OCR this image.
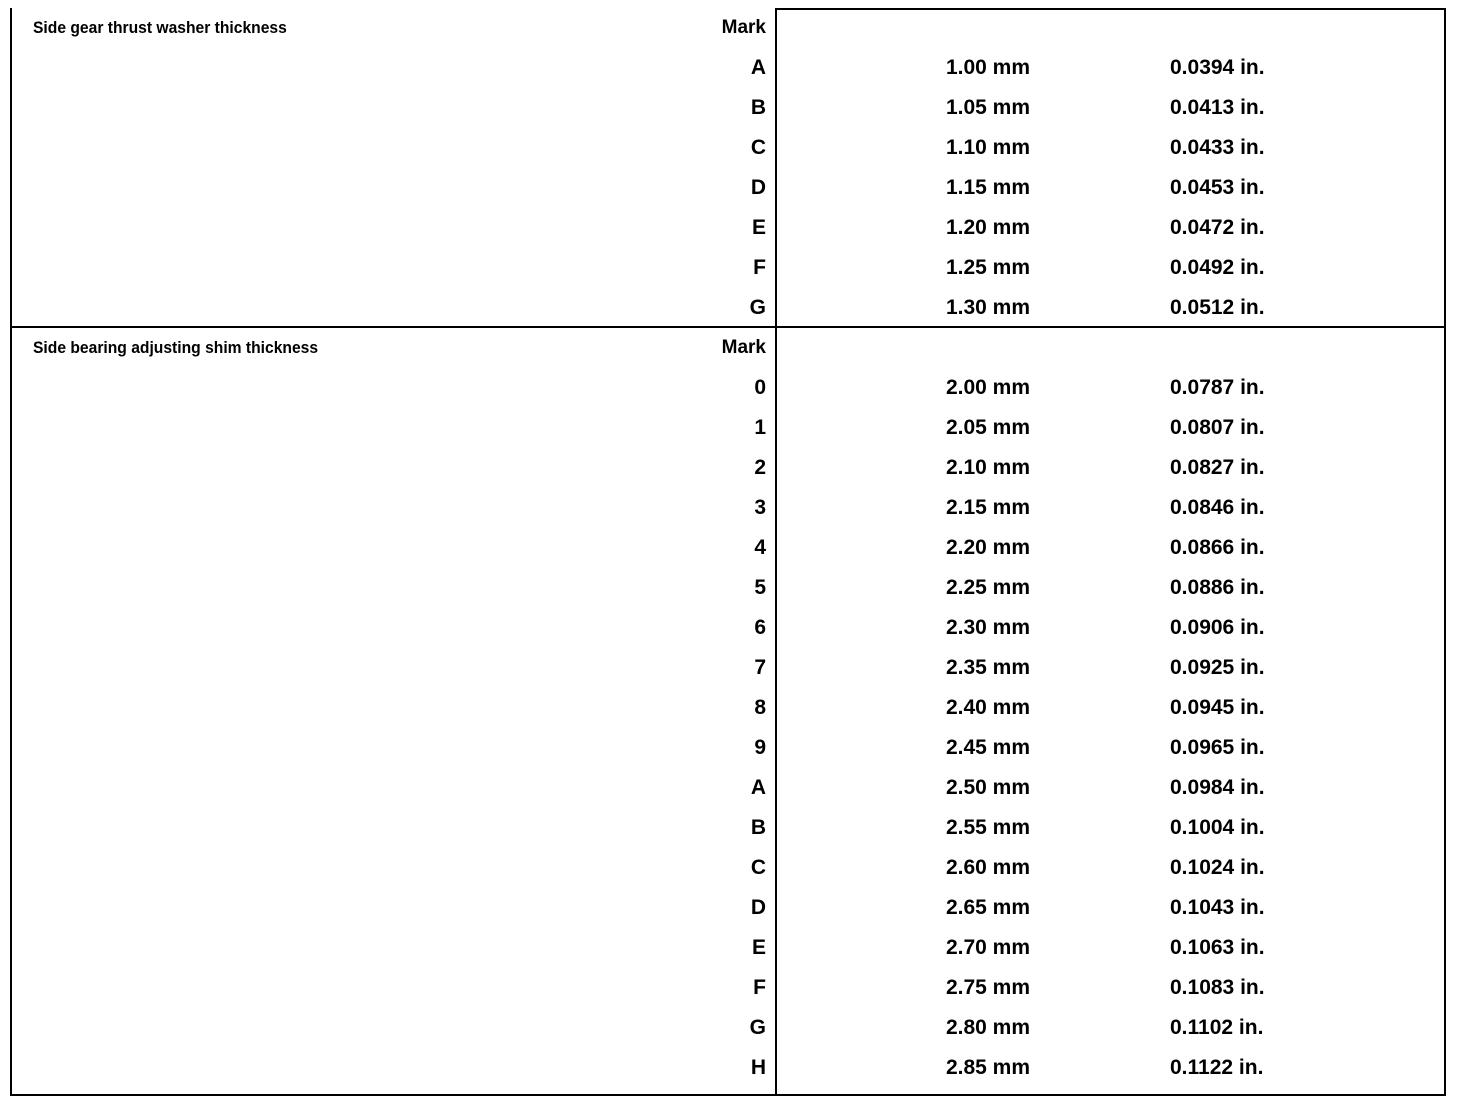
Side gear thrust washer thickness	Mark
A	1.00 mm	0.0394 in.
B	1.05 mm	0.0413 in.
C	1.10 mm	0.0433 in.
D	1.15 mm	0.0453 in.
E	1.20 mm	0.0472 in.
F	1.25 mm	0.0492 in.
G	1.30 mm	0.0512 in.
Side bearing adjusting shim thickness	Mark
0	2.00 mm	0.0787 in.
1	2.05 mm	0.0807 in.
2	2.10 mm	0.0827 in.
3	2.15 mm	0.0846 in.
4	2.20 mm	0.0866 in.
5	2.25 mm	0.0886 in.
6	2.30 mm	0.0906 in.
7	2.35 mm	0.0925 in.
8	2.40 mm	0.0945 in.
9	2.45 mm	0.0965 in.
A	2.50 mm	0.0984 in.
B	2.55 mm	0.1004 in.
C	2.60 mm	0.1024 in.
D	2.65 mm	0.1043 in.
E	2.70 mm	0.1063 in.
F	2.75 mm	0.1083 in.
G	2.80 mm	0.1102 in.
H	2.85 mm	0.1122 in.
